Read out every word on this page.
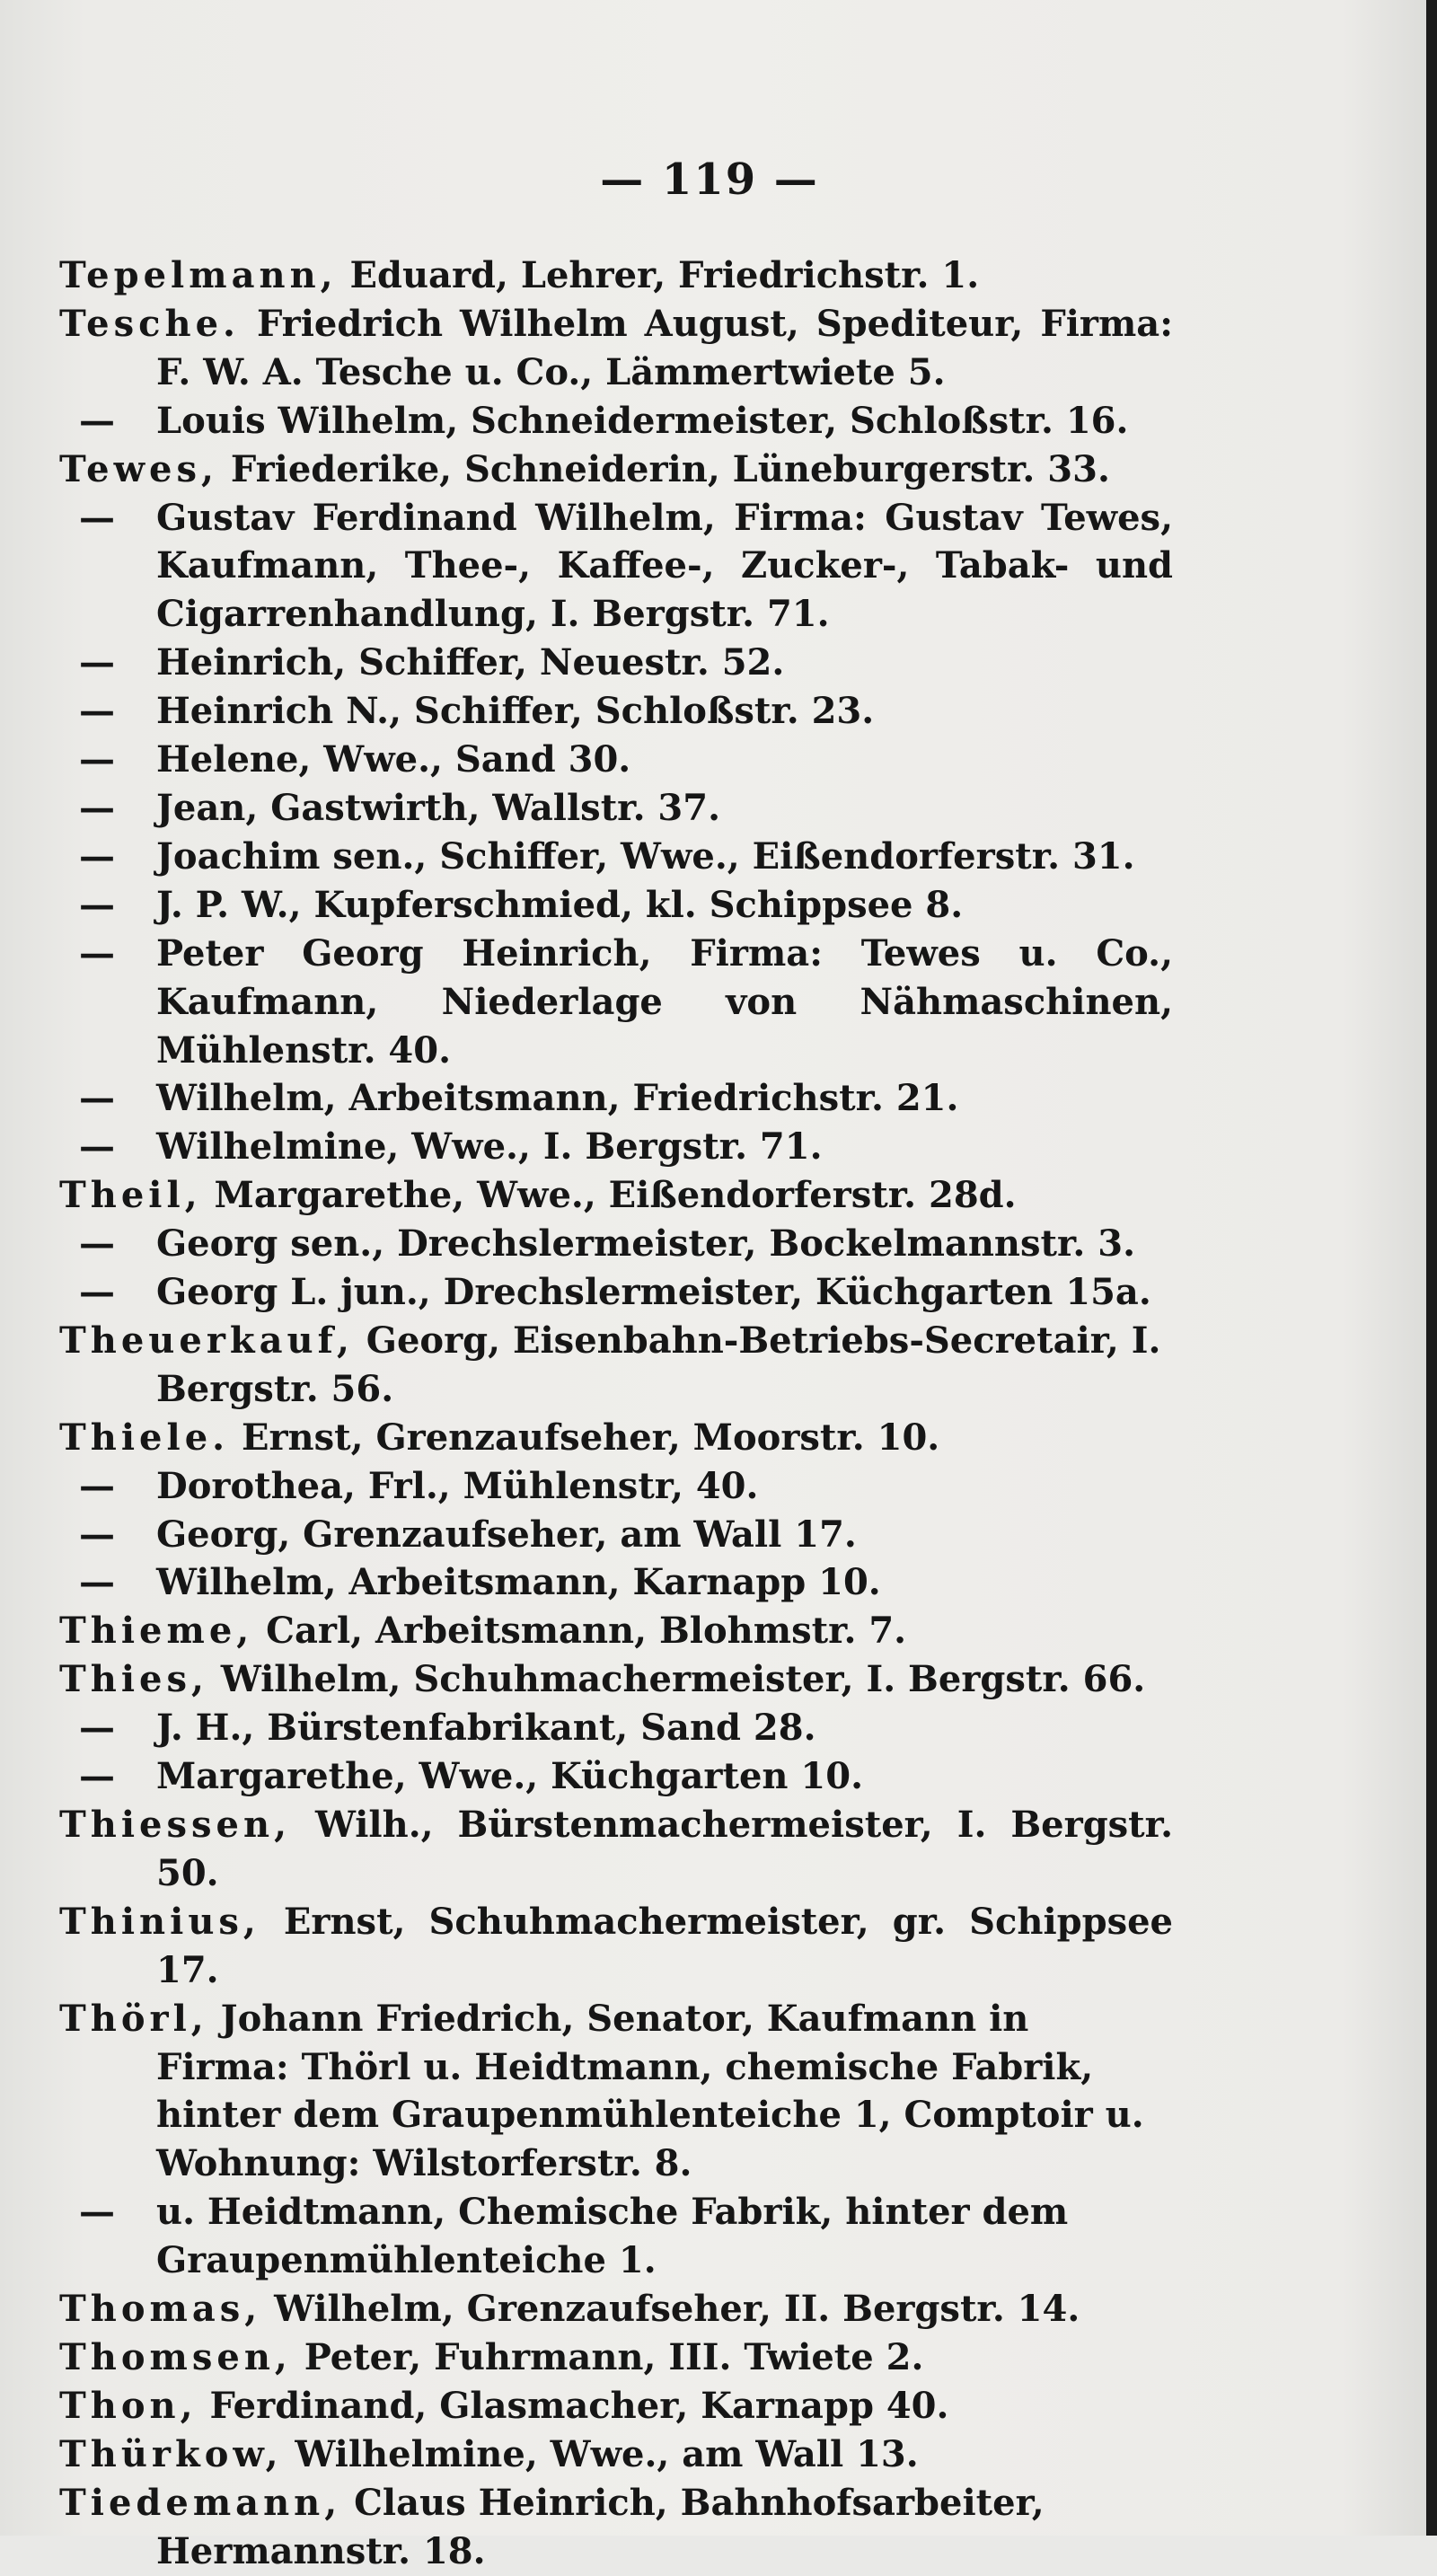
— 119 —
Tepelmann, Eduard, Lehrer, Friedrichstr. 1.
Tesche. Friedrich Wilhelm August, Spediteur, Firma: F. W. A. Tesche u. Co., Lämmertwiete 5.
— Louis Wilhelm, Schneidermeister, Schloßstr. 16.
Tewes, Friederike, Schneiderin, Lüneburgerstr. 33.
— Gustav Ferdinand Wilhelm, Firma: Gustav Tewes, Kaufmann, Thee-, Kaffee-, Zucker-, Tabak- und Cigarrenhandlung, I. Bergstr. 71.
— Heinrich, Schiffer, Neuestr. 52.
— Heinrich N., Schiffer, Schloßstr. 23.
— Helene, Wwe., Sand 30.
— Jean, Gastwirth, Wallstr. 37.
— Joachim sen., Schiffer, Wwe., Eißendorferstr. 31.
— J. P. W., Kupferschmied, kl. Schippsee 8.
— Peter Georg Heinrich, Firma: Tewes u. Co., Kaufmann, Niederlage von Nähmaschinen, Mühlenstr. 40.
— Wilhelm, Arbeitsmann, Friedrichstr. 21.
— Wilhelmine, Wwe., I. Bergstr. 71.
Theil, Margarethe, Wwe., Eißendorferstr. 28d.
— Georg sen., Drechslermeister, Bockelmannstr. 3.
— Georg L. jun., Drechslermeister, Küchgarten 15a.
Theuerkauf, Georg, Eisenbahn-Betriebs-Secretair, I. Bergstr. 56.
Thiele. Ernst, Grenzaufseher, Moorstr. 10.
— Dorothea, Frl., Mühlenstr, 40.
— Georg, Grenzaufseher, am Wall 17.
— Wilhelm, Arbeitsmann, Karnapp 10.
Thieme, Carl, Arbeitsmann, Blohmstr. 7.
Thies, Wilhelm, Schuhmachermeister, I. Bergstr. 66.
— J. H., Bürstenfabrikant, Sand 28.
— Margarethe, Wwe., Küchgarten 10.
Thiessen, Wilh., Bürstenmachermeister, I. Bergstr. 50.
Thinius, Ernst, Schuhmachermeister, gr. Schippsee 17.
Thörl, Johann Friedrich, Senator, Kaufmann in Firma: Thörl u. Heidtmann, chemische Fabrik, hinter dem Graupenmühlenteiche 1, Comptoir u. Wohnung: Wilstorferstr. 8.
— u. Heidtmann, Chemische Fabrik, hinter dem Graupenmühlenteiche 1.
Thomas, Wilhelm, Grenzaufseher, II. Bergstr. 14.
Thomsen, Peter, Fuhrmann, III. Twiete 2.
Thon, Ferdinand, Glasmacher, Karnapp 40.
Thürkow, Wilhelmine, Wwe., am Wall 13.
Tiedemann, Claus Heinrich, Bahnhofsarbeiter, Hermannstr. 18.
